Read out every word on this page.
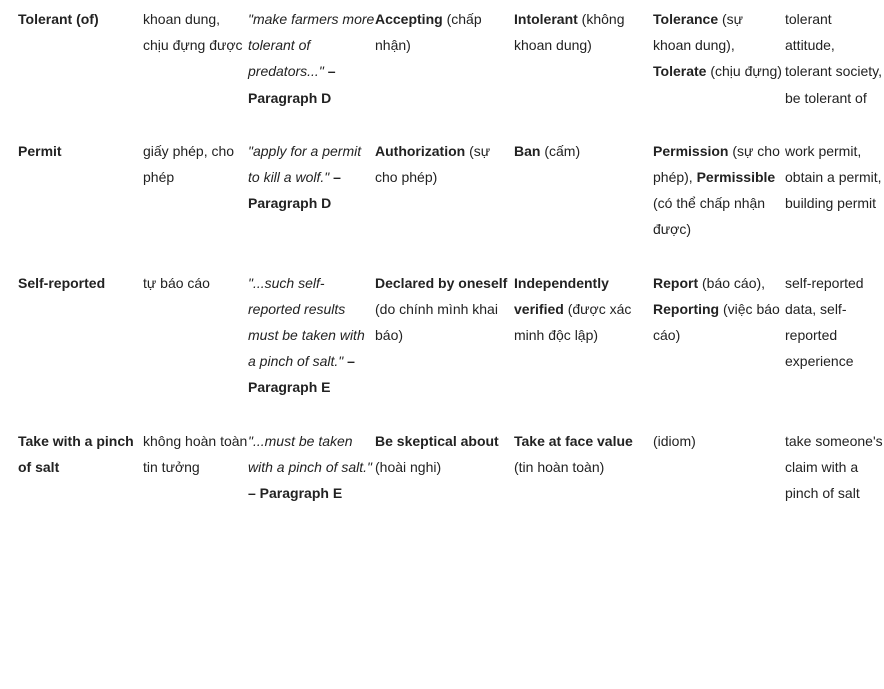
Tolerant (of)	khoan dung, chịu đựng được	"make farmers more tolerant of predators..." – Paragraph D	Accepting (chấp nhận)	Intolerant (không khoan dung)	Tolerance (sự khoan dung), Tolerate (chịu đựng)	tolerant attitude, tolerant society, be tolerant of
Permit	giấy phép, cho phép	"apply for a permit to kill a wolf." – Paragraph D	Authorization (sự cho phép)	Ban (cấm)	Permission (sự cho phép), Permissible (có thể chấp nhận được)	work permit, obtain a permit, building permit
Self-reported	tự báo cáo	"...such self-reported results must be taken with a pinch of salt." – Paragraph E	Declared by oneself (do chính mình khai báo)	Independently verified (được xác minh độc lập)	Report (báo cáo), Reporting (việc báo cáo)	self-reported data, self-reported experience
Take with a pinch of salt	không hoàn toàn tin tưởng	"...must be taken with a pinch of salt." – Paragraph E	Be skeptical about (hoài nghi)	Take at face value (tin hoàn toàn)	(idiom)	take someone's claim with a pinch of salt
